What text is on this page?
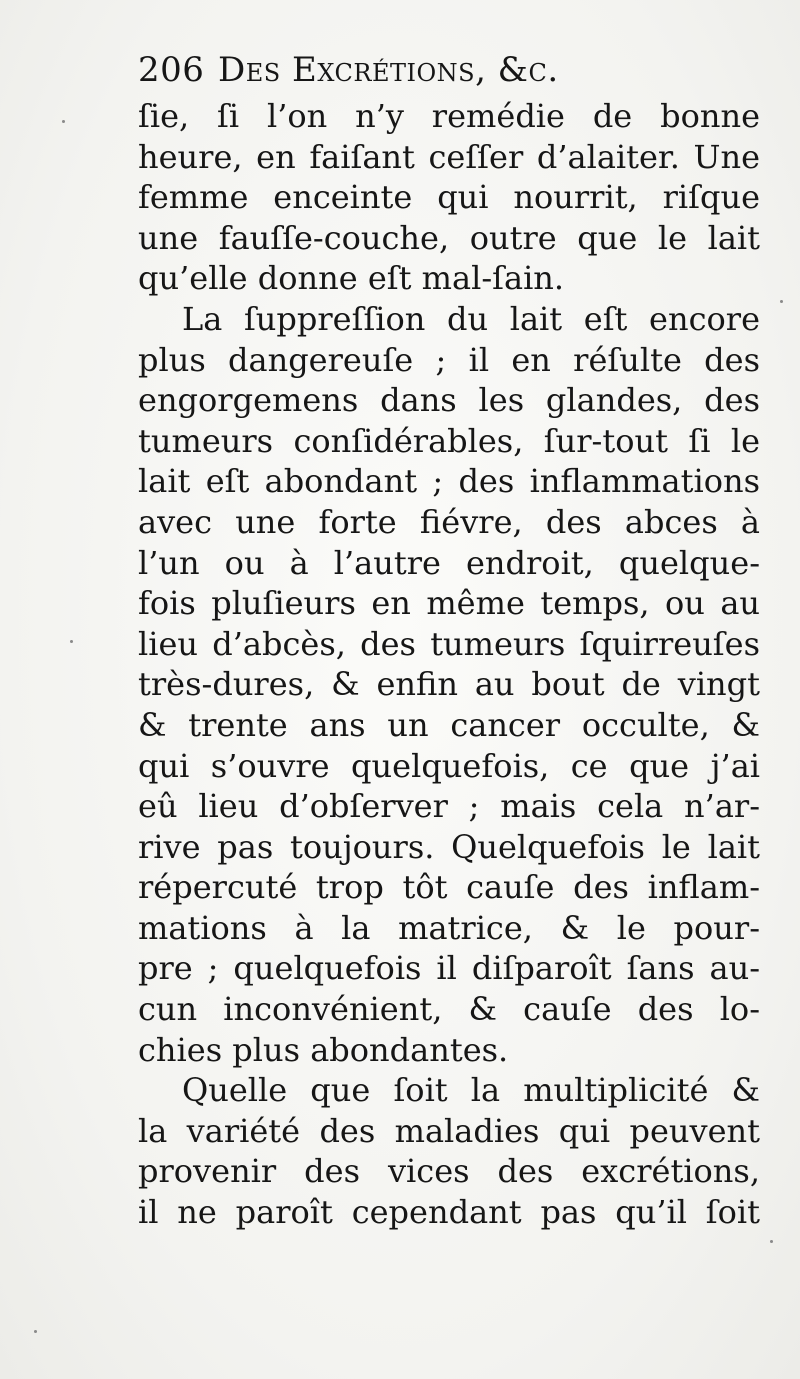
206 Des Excrétions, &c.
ſie, ſi l’on n’y remédie de bonne
heure, en faiſant ceſſer d’alaiter. Une
femme enceinte qui nourrit, riſque
une fauſſe-couche, outre que le lait
qu’elle donne eſt mal-ſain.
La ſuppreſſion du lait eſt encore
plus dangereuſe ; il en réſulte des
engorgemens dans les glandes, des
tumeurs conſidérables, ſur-tout ſi le
lait eſt abondant ; des inflammations
avec une forte fiévre, des abces à
l’un ou à l’autre endroit, quelque-
fois pluſieurs en même temps, ou au
lieu d’abcès, des tumeurs ſquirreuſes
très-dures, & enfin au bout de vingt
& trente ans un cancer occulte, &
qui s’ouvre quelquefois, ce que j’ai
eû lieu d’obſerver ; mais cela n’ar-
rive pas toujours. Quelquefois le lait
répercuté trop tôt cauſe des inflam-
mations à la matrice, & le pour-
pre ; quelquefois il diſparoît ſans au-
cun inconvénient, & cauſe des lo-
chies plus abondantes.
Quelle que ſoit la multiplicité &
la variété des maladies qui peuvent
provenir des vices des excrétions,
il ne paroît cependant pas qu’il ſoit
